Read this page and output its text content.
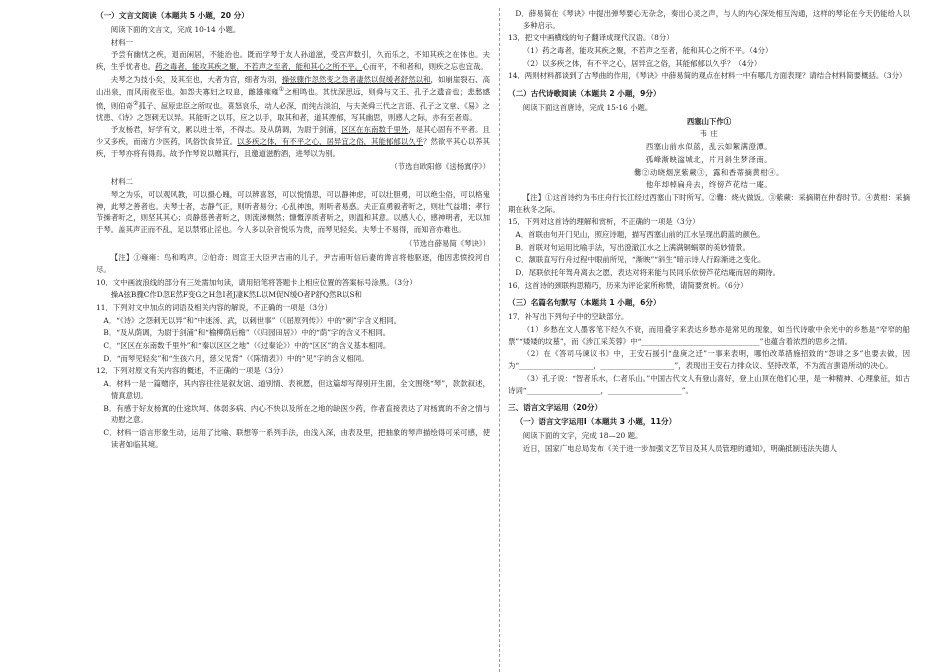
（一）文言文阅读（本题共 5 小题，20 分）

阅读下面的文言文，完成 10-14 小题。

材料一

予尝有幽忧之疾，退而闲居，不能治也。既而学琴于友人孙道滋，受宫声数引，久而乐之，不知其疾之在体也。夫疾，生乎忧者也。药之毒者，能攻其疾之聚，不若声之至者，能和其心之所不平。心而平，不和者和，则疾之忘也宜哉。

夫琴之为技小矣，及其至也，大者为宫，细者为羽，操弦骤作忽然变之急者凄然以促缓者舒然以和，如崩崖裂石、高山出泉，而风雨夜至也。如怨夫寡妇之叹息，雌雄雍雍①之相鸣也。其忧深思远，则舜与文王、孔子之遗音也；悲愁感愤，则伯奇②孤子、屈原忠臣之所叹也。喜怒哀乐，动人必深，而纯古淡泊，与夫尧舜三代之言语、孔子之文章、《易》之忧患、《诗》之怨刺无以异。其能听之以耳，应之以手，取其和者，道其湮郁，写其幽思，则感人之际，亦有至者焉。

予友杨君，好学有文，累以进士举，不得志。及从荫调，为尉于剑浦，区区在东南数千里外，是其心固有不平者。且少又多疾，而南方少医药，风俗饮食异宜。以多疾之体，有不平之心，居异宜之俗，其能郁郁以久乎？然欲平其心以养其疾，于琴亦将有得焉。故予作琴说以赠其行，且邀道滋酌酒，进琴以为别。

（节选自欧阳修《送杨寘序》）

材料二

琴之为乐，可以观风教，可以摄心魄，可以辨喜怒，可以悦情思，可以静神虑，可以壮胆勇，可以绝尘俗，可以格鬼神，此琴之善者也。夫琴士者，志静气正，则听者易分；心乱神浊，则听者易惑。夫正直勇毅者听之，则壮气益增；孝行节操者听之，则坚其其心；贞静慈善者听之，则流涕恻然；慷慨淳质者听之，则温和其意。以感人心，感神明者，无以加于琴。盖其声正而不乱，足以禁邪止淫也。今人多以杂音悦乐为贵，而琴见轻矣。夫琴士不易得，而知音亦难也。

（节选自薛易简《琴诀》）

【注】①雍雍：鸟和鸣声。②伯奇：周宣王大臣尹吉甫的儿子，尹吉甫听信后妻的谗言将他驱逐，他因悲愤投河自尽。

10．文中画波浪线的部分有三处需加句读，请用铅笔将答题卡上相应位置的答案标号涂黑。（3分）

操A弦B骤C作D忽E然F变G之H急I者J凄K然L以M促N缓O者P舒Q然R以S和

11．下列对文中加点的词语及相关内容的解说，不正确的一项是（3分）

A．“《诗》之怨刺无以异”和“中迷汤、武，以刺世事”（《屈原列传》）中的“刺”字含义相同。

B．“及从荫调，为尉于剑浦”和“榆柳荫后檐”（《归园田居》）中的“荫”字的含义不相同。

C．“区区在东南数千里外”和“秦以区区之地”（《过秦论》）中的“区区”的含义基本相同。

D．“而琴见轻矣”和“生孩六月，慈父见背”（《陈情表》）中的“见”字的含义相同。

12．下列对原文有关内容的概述，不正确的一项是（3分）

A．材料一是一篇赠序，其内容往往是叙友谊、道别情、表祝愿，但这篇却写得别开生面，全文围绕“琴”，款款叙述，情真意切。

B．有感于好友杨寘的仕途坎坷、体弱多病、内心不快以及所在之地的缺医少药，作者直接表达了对杨寘的不舍之情与劝慰之意。

C．材料一语言形象生动，运用了比喻、联想等一系列手法，由浅入深，由表及里，把抽象的琴声描绘得可采可感，使读者如临其境。

D．薛易简在《琴诀》中提出弹琴要心无杂念，奏出心灵之声，与人的内心深处相互沟通，这样的琴论在今天仍能给人以多种启示。

13．把文中画横线的句子翻译成现代汉语。（8分）

（1）药之毒者，能攻其疾之聚，不若声之至者，能和其心之所不平。（4分）

（2）以多疾之体，有不平之心，居异宜之俗，其能郁郁以久乎？（4分）

14．两则材料都谈到了古琴曲的作用，《琴诀》中薛易简的观点在材料一中有哪几方面表现？请结合材料简要概括。（3分）

（二）古代诗歌阅读（本题共 2 小题，9分）

阅读下面这首唐诗，完成 15-16 小题。

西塞山下作①

韦 庄

西塞山前水似蓝，乱云如絮满澄潭。

孤峰渐映湓城北，片月斜生梦泽南。

爨②动晓烟烹紫蕨③，露和香蒂摘黄柑④。

他年却棹扁舟去，终傍芦花结一庵。

【注】①这首诗约为韦庄舟行长江经过西塞山下时所写。②爨：烧火做饭。③紫蕨：采摘期在仲春时节。④黄柑：采摘期在秋冬之际。

15．下列对这首诗的理解和赏析，不正确的一项是（3分）

A．首联由句开门见山，照应诗题，描写西塞山前的江水呈现出蔚蓝的颜色。

B．首联对句运用比喻手法，写出澄澈江水之上满满铜蜗翠的美妙情景。

C．颔联直写行舟过程中眼前所见，“渐映”“斜生”暗示诗人行踪渐进之变化。

D．尾联依托年驾舟离去之愿，表达对将来能与民同乐依傍芦花结庵而居的期待。

16．这首诗的颈联构思精巧，历来为评论家所称赞，请简要赏析。（6分）

（三）名篇名句默写（本题共 1 小题，6分）

17．补写出下列句子中的空缺部分。

（1）乡愁在文人墨客笔下经久不衰，而用叠字来表达乡愁亦是常见的现象，如当代诗歌中余光中的乡愁是“窄窄的船票”“矮矮的坟墓”，而《涉江采芙蓉》中“________________________________”也蕴含着浓烈的思乡之情。

（2）在《答司马谏议书》中，王安石援引“盘庚之迁”一事来表明，哪怕改革措施招致的“怨诽之多”也要去做，因为“____________________，____________________”，表现出王安石力排众议、坚持改革，不为流言蜚语所动的决心。

（3）孔子说：“智者乐水，仁者乐山。”中国古代文人有登山喜好，登上山顶在他们心里，是一种精神、心理象征，如古诗词“____________________，____________________”。

三、语言文字运用（20分）

（一）语言文字运用Ⅰ（本题共 3 小题，11分）

阅读下面的文字，完成 18—20 题。

近日，国家广电总局发布《关于进一步加强文艺节目及其人员管理的通知》，明确抵制违法失德人
